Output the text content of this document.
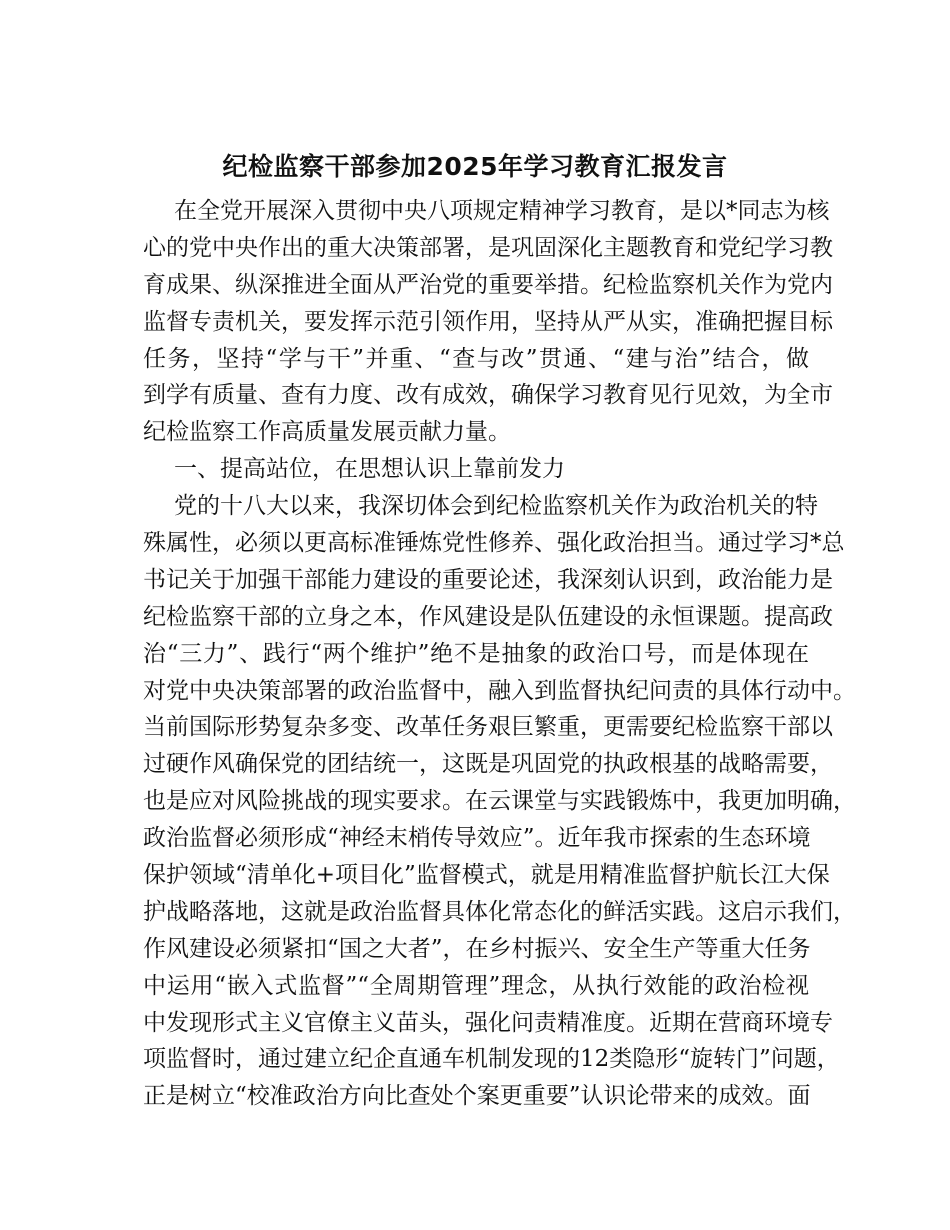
纪检监察干部参加2025年学习教育汇报发言
在全党开展深入贯彻中央八项规定精神学习教育，是以*同志为核
心的党中央作出的重大决策部署，是巩固深化主题教育和党纪学习教
育成果、纵深推进全面从严治党的重要举措。纪检监察机关作为党内
监督专责机关，要发挥示范引领作用，坚持从严从实，准确把握目标
任务，坚持“学与干”并重、“查与改”贯通、“建与治”结合，做
到学有质量、查有力度、改有成效，确保学习教育见行见效，为全市
纪检监察工作高质量发展贡献力量。
一、提高站位，在思想认识上靠前发力
党的十八大以来，我深切体会到纪检监察机关作为政治机关的特
殊属性，必须以更高标准锤炼党性修养、强化政治担当。通过学习*总
书记关于加强干部能力建设的重要论述，我深刻认识到，政治能力是
纪检监察干部的立身之本，作风建设是队伍建设的永恒课题。提高政
治“三力”、践行“两个维护”绝不是抽象的政治口号，而是体现在
对党中央决策部署的政治监督中，融入到监督执纪问责的具体行动中。
当前国际形势复杂多变、改革任务艰巨繁重，更需要纪检监察干部以
过硬作风确保党的团结统一，这既是巩固党的执政根基的战略需要，
也是应对风险挑战的现实要求。在云课堂与实践锻炼中，我更加明确，
政治监督必须形成“神经末梢传导效应”。近年我市探索的生态环境
保护领域“清单化+项目化”监督模式，就是用精准监督护航长江大保
护战略落地，这就是政治监督具体化常态化的鲜活实践。这启示我们，
作风建设必须紧扣“国之大者”，在乡村振兴、安全生产等重大任务
中运用“嵌入式监督”“全周期管理”理念，从执行效能的政治检视
中发现形式主义官僚主义苗头，强化问责精准度。近期在营商环境专
项监督时，通过建立纪企直通车机制发现的12类隐形“旋转门”问题，
正是树立“校准政治方向比查处个案更重要”认识论带来的成效。面
